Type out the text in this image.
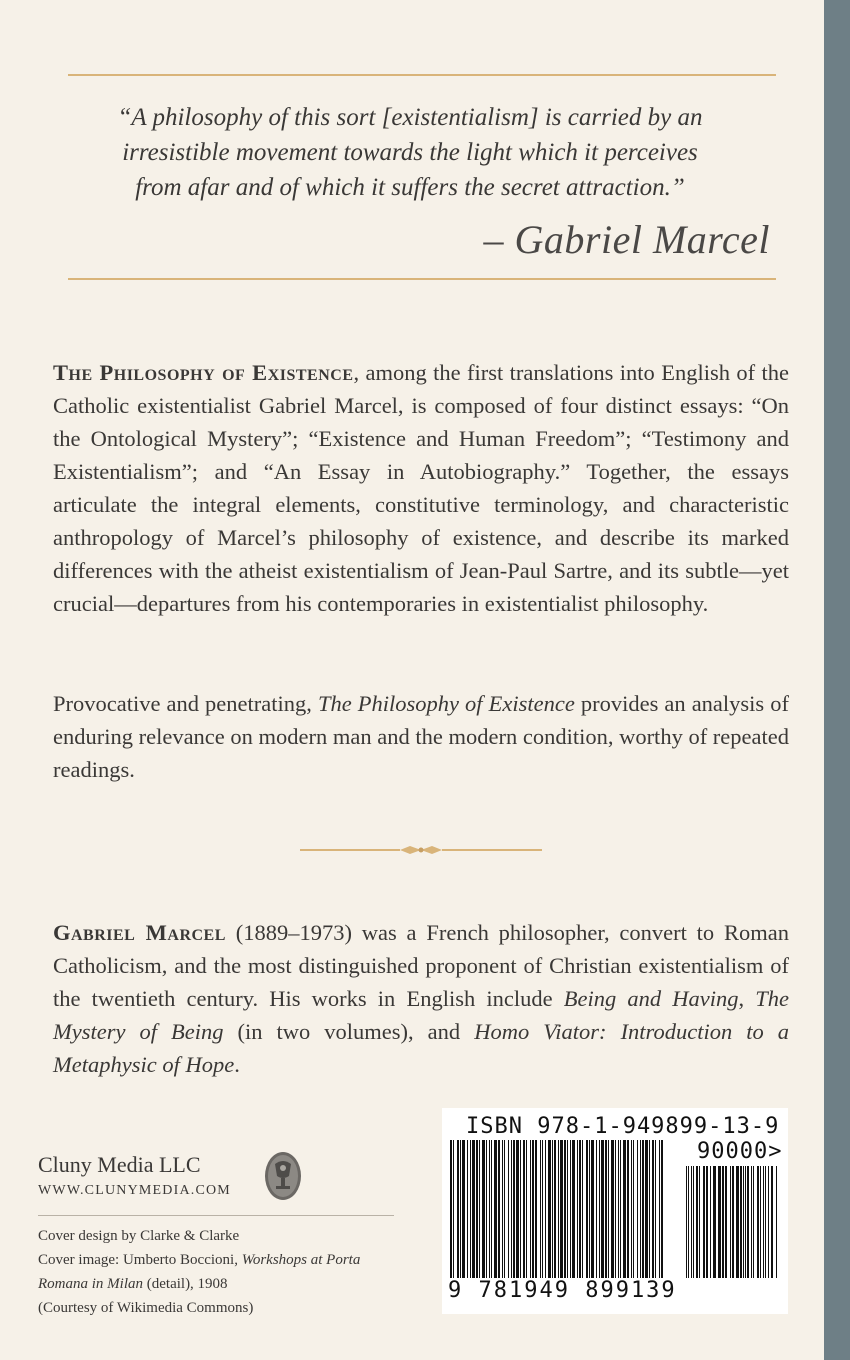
“A philosophy of this sort [existentialism] is carried by an
irresistible movement towards the light which it perceives
from afar and of which it suffers the secret attraction.”
– Gabriel Marcel
The Philosophy of Existence, among the first translations into English of the Catholic existentialist Gabriel Marcel, is composed of four distinct essays: “On the Ontological Mystery”; “Existence and Human Freedom”; “Testimony and Existentialism”; and “An Essay in Autobiography.” Together, the essays articulate the integral elements, constitutive terminology, and characteristic anthropology of Marcel’s philosophy of existence, and describe its marked differences with the atheist existentialism of Jean-Paul Sartre, and its subtle—yet crucial—departures from his contemporaries in existentialist philosophy.
Provocative and penetrating, The Philosophy of Existence provides an analysis of enduring relevance on modern man and the modern condition, worthy of repeated readings.
Gabriel Marcel (1889–1973) was a French philosopher, convert to Roman Catholicism, and the most distinguished proponent of Christian existentialism of the twentieth century. His works in English include Being and Having, The Mystery of Being (in two volumes), and Homo Viator: Introduction to a Metaphysic of Hope.
Cluny Media LLC
WWW.CLUNYMEDIA.COM
Cover design by Clarke & Clarke
Cover image: Umberto Boccioni, Workshops at Porta Romana in Milan (detail), 1908
(Courtesy of Wikimedia Commons)
ISBN 978-1-949899-13-9
90000>
9 781949 899139
